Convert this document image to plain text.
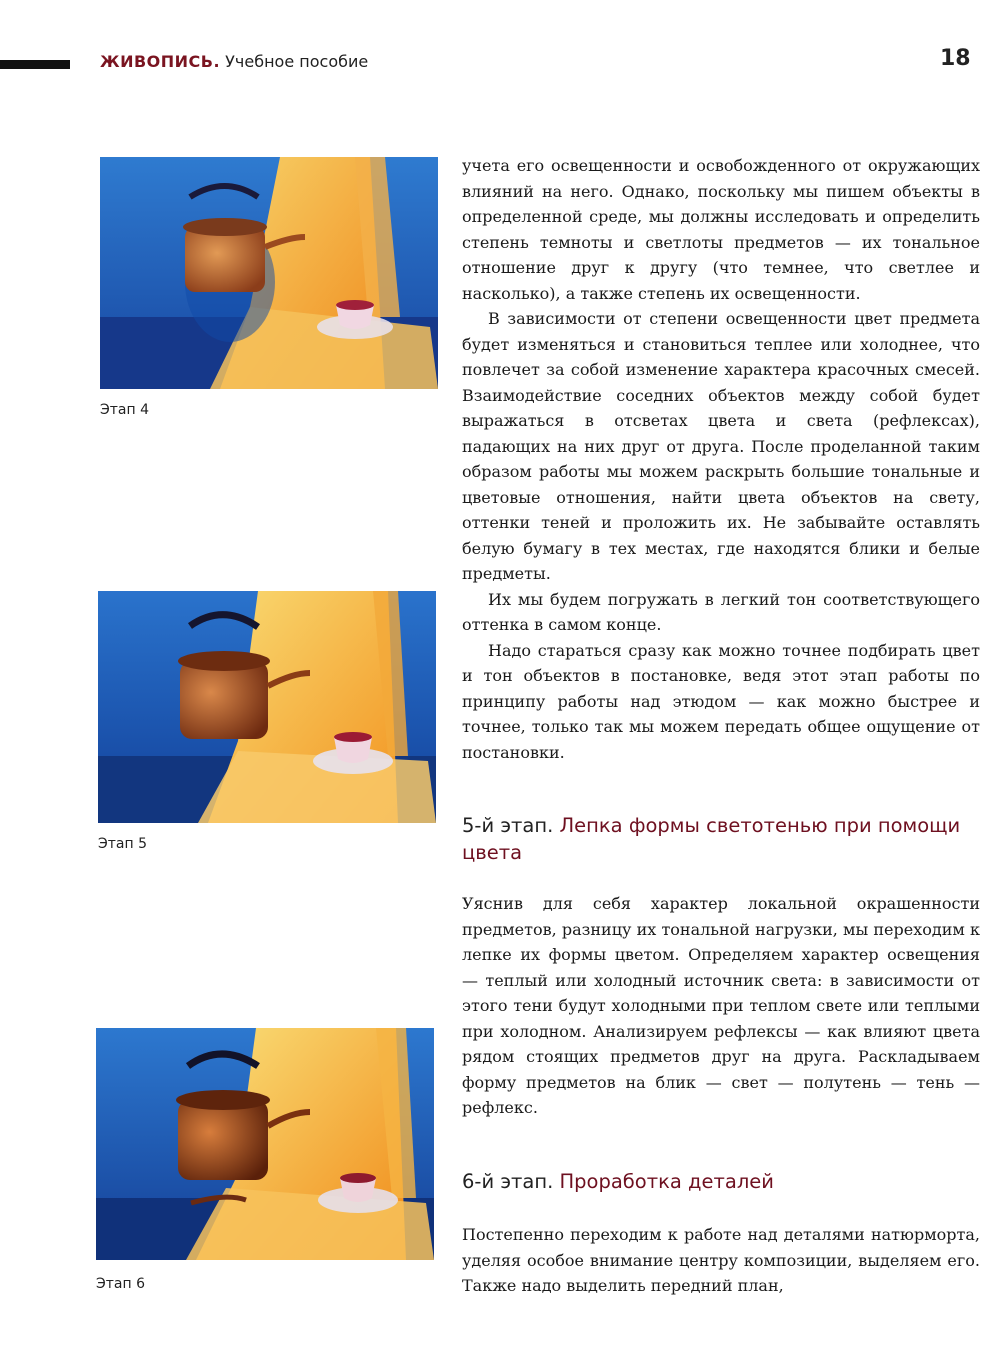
ЖИВОПИСЬ. Учебное пособие	18
Этап 4
Этап 5
Этап 6

учета его освещенности и освобожденного от окружающих влияний на него. Однако, поскольку мы пишем объекты в определенной среде, мы должны исследовать и определить степень темноты и светлоты предметов — их тональное отношение друг к другу (что темнее, что светлее и насколько), а также степень их освещенности.

В зависимости от степени освещенности цвет предмета будет изменяться и становиться теплее или холоднее, что повлечет за собой изменение характера красочных смесей. Взаимодействие соседних объектов между собой будет выражаться в отсветах цвета и света (рефлексах), падающих на них друг от друга. После проделанной таким образом работы мы можем раскрыть большие тональные и цветовые отношения, найти цвета объектов на свету, оттенки теней и проложить их. Не забывайте оставлять белую бумагу в тех местах, где находятся блики и белые предметы.

Их мы будем погружать в легкий тон соответствующего оттенка в самом конце.

Надо стараться сразу как можно точнее подбирать цвет и тон объектов в постановке, ведя этот этап работы по принципу работы над этюдом — как можно быстрее и точнее, только так мы можем передать общее ощущение от постановки.

5-й этап. Лепка формы светотенью при помощи цвета

Уяснив для себя характер локальной окрашенности предметов, разницу их тональной нагрузки, мы переходим к лепке их формы цветом. Определяем характер освещения — теплый или холодный источник света: в зависимости от этого тени будут холодными при теплом свете или теплыми при холодном. Анализируем рефлексы — как влияют цвета рядом стоящих предметов друг на друга. Раскладываем форму предметов на блик — свет — полутень — тень — рефлекс.

6-й этап. Проработка деталей

Постепенно переходим к работе над деталями натюрморта, уделяя особое внимание центру композиции, выделяем его. Также надо выделить передний план,
